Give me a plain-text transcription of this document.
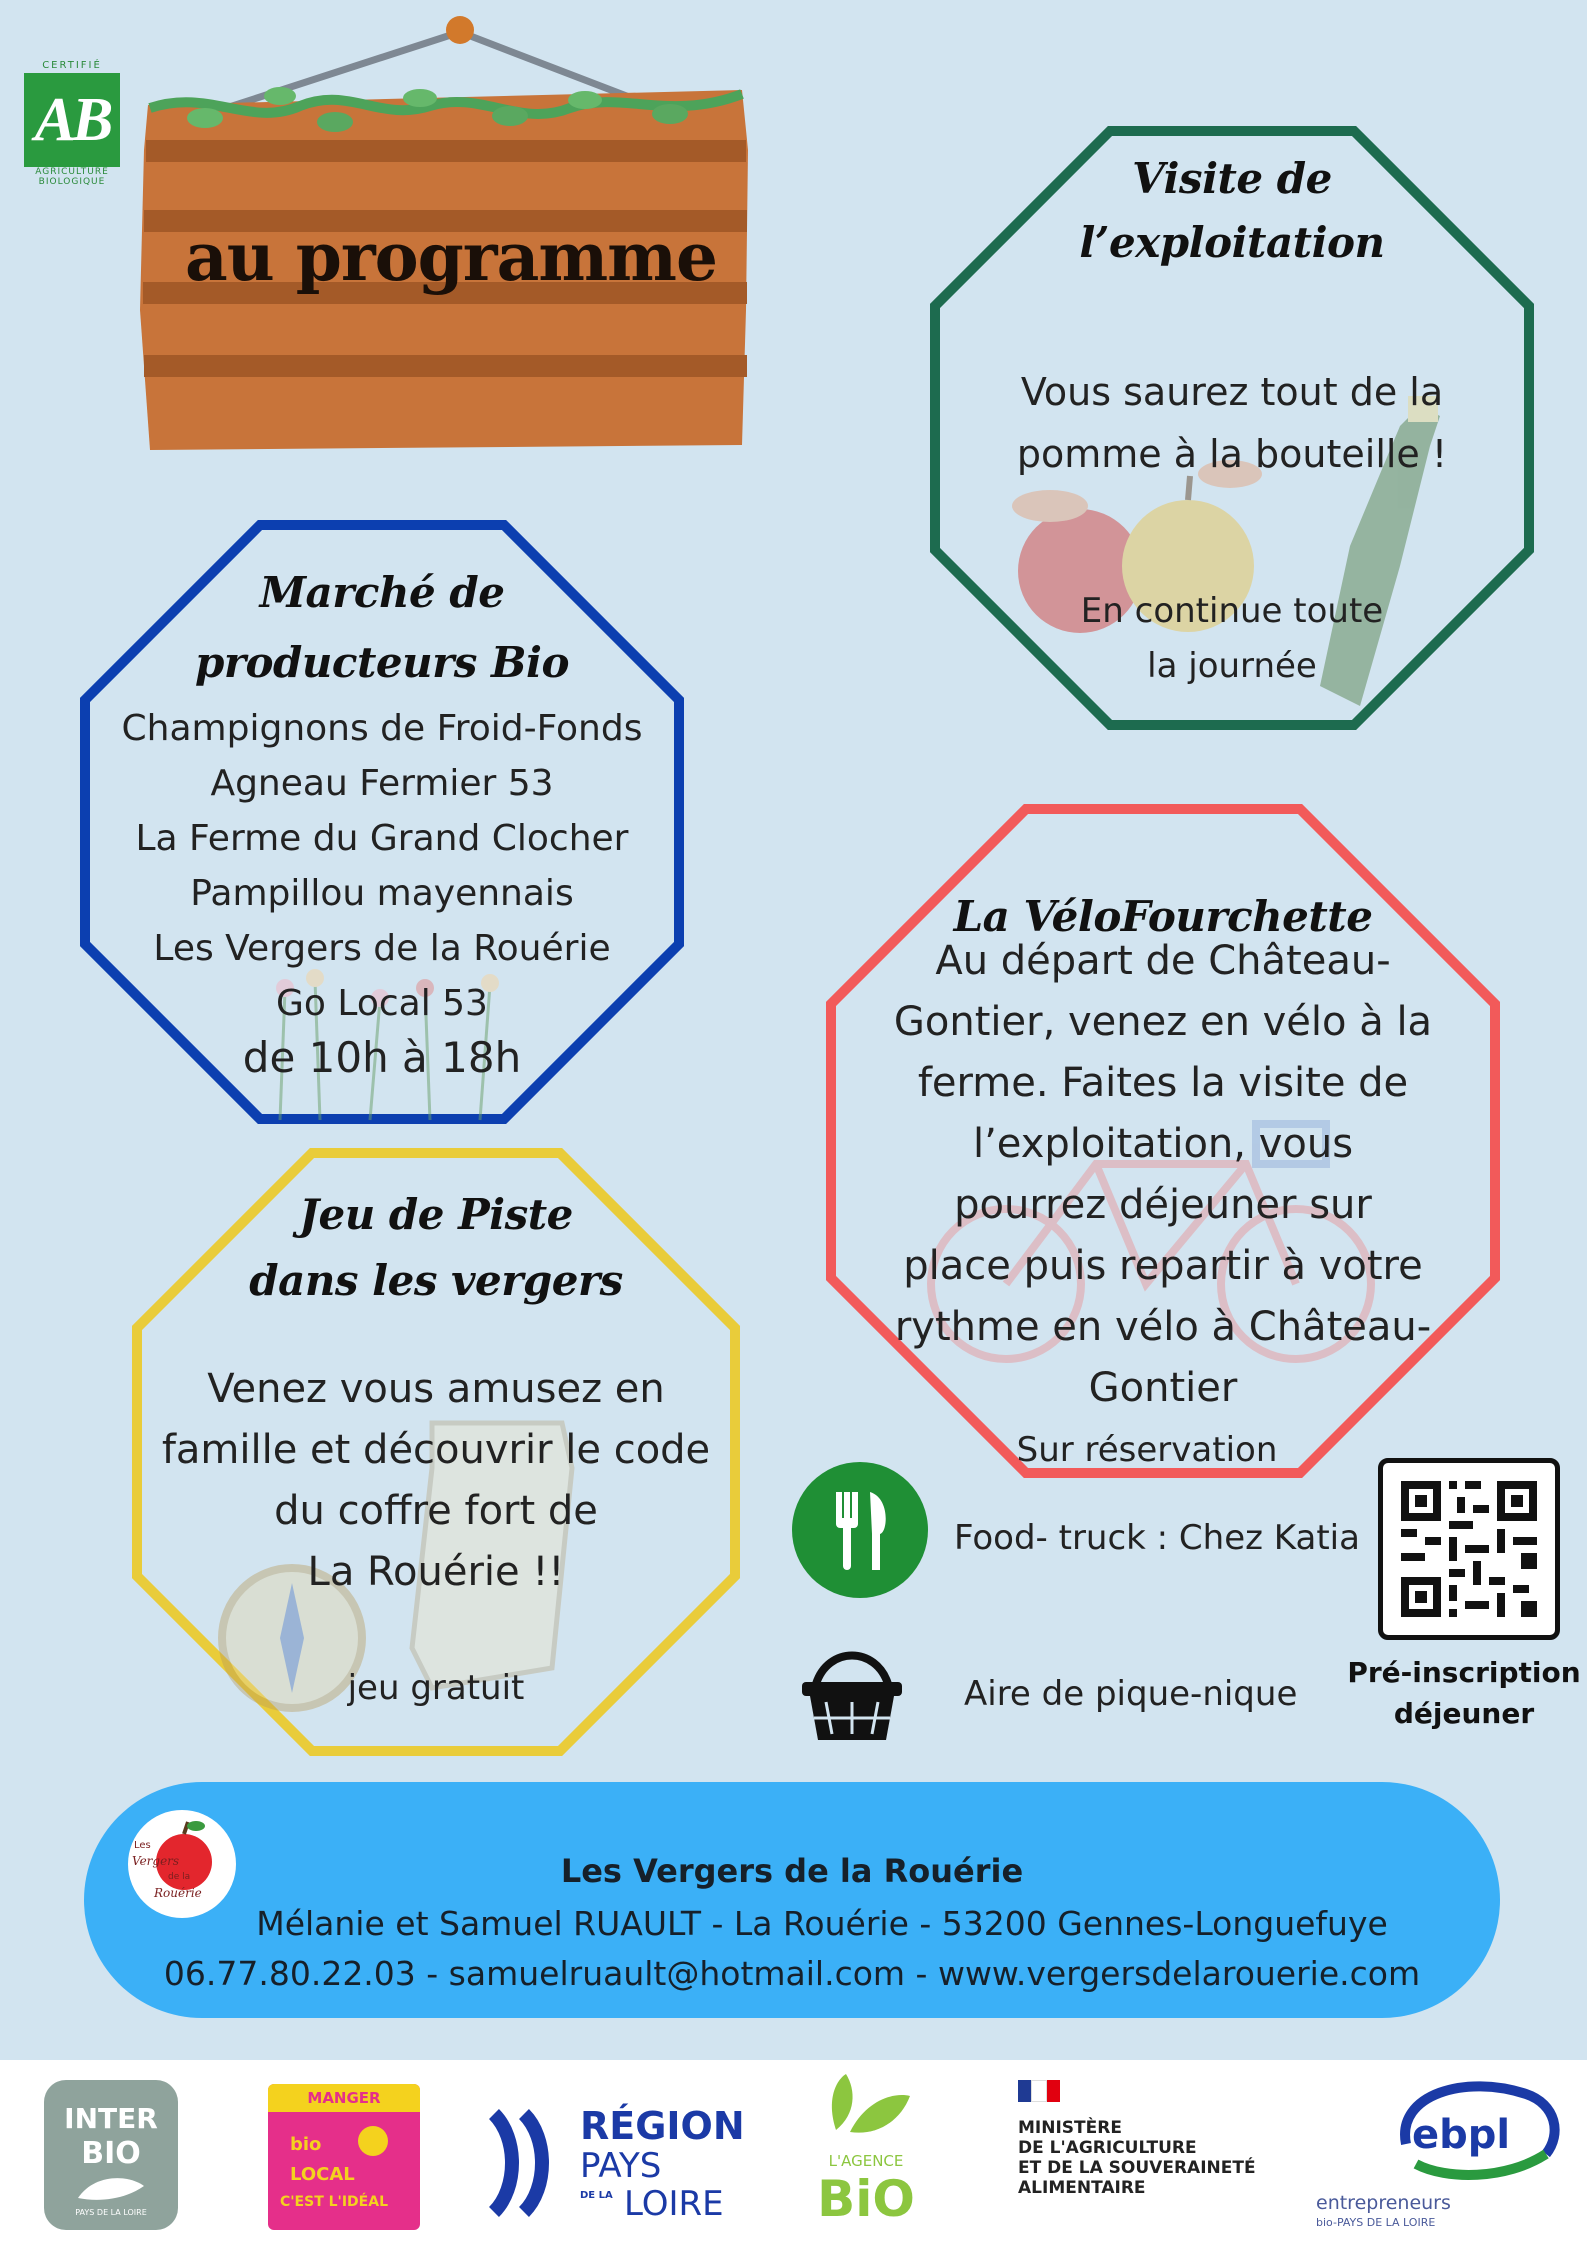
CERTIFIÉ
AB
AGRICULTURE
BIOLOGIQUE
au programme
Visite de
l’exploitation
Vous saurez tout de la
pomme à la bouteille !
En continue toute
la journée
Marché de
producteurs Bio
Champignons de Froid-Fonds
Agneau Fermier 53
La Ferme du Grand Clocher
Pampillou mayennais
Les Vergers de la Rouérie
Go Local 53
de 10h à 18h
La VéloFourchette
Au départ de Château-
Gontier, venez en vélo à la
ferme. Faites la visite de
l’exploitation, vous
pourrez déjeuner sur
place puis repartir à votre
rythme en vélo à Château-
Gontier
Sur réservation
Jeu de Piste
dans les vergers
Venez vous amusez en
famille et découvrir le code
du coffre fort de
La Rouérie !!
jeu gratuit
Food- truck : Chez Katia
Aire de pique-nique
Pré-inscription
déjeuner
Les
Vergers
de la
Rouérie
Les Vergers de la Rouérie
Mélanie et Samuel RUAULT - La Rouérie - 53200 Gennes-Longuefuye
06.77.80.22.03 - samuelruault@hotmail.com - www.vergersdelarouerie.com
INTER
BIO
PAYS DE LA LOIRE
MANGER
bio
LOCAL
C'EST L'IDÉAL
RÉGION
PAYS
DE LA LOIRE
L'AGENCE
BiO
MINISTÈRE
DE L'AGRICULTURE
ET DE LA SOUVERAINETÉ
ALIMENTAIRE
ebpl
entrepreneurs
bio-PAYS DE LA LOIRE
